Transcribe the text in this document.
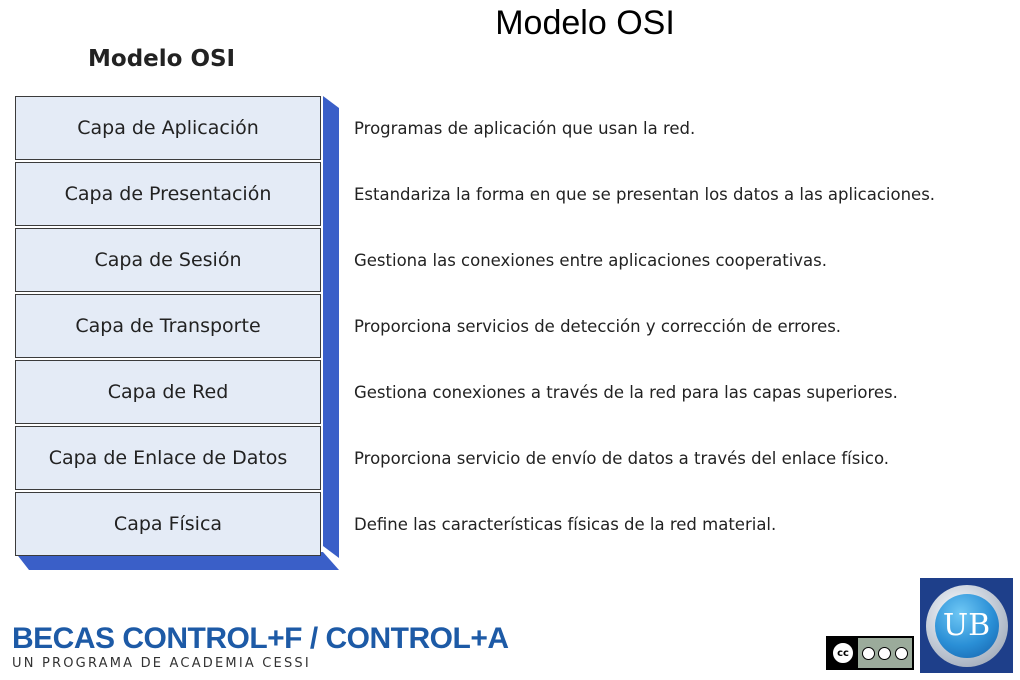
Modelo OSI
Modelo OSI
Capa de Aplicación
Capa de Presentación
Capa de Sesión
Capa de Transporte
Capa de Red
Capa de Enlace de Datos
Capa Física
Programas de aplicación que usan la red.
Estandariza la forma en que se presentan los datos a las aplicaciones.
Gestiona las conexiones entre aplicaciones cooperativas.
Proporciona servicios de detección y corrección de errores.
Gestiona conexiones a través de la red para las capas superiores.
Proporciona servicio de envío de datos a través del enlace físico.
Define las características físicas de la red material.
BECAS CONTROL+F / CONTROL+A
UN PROGRAMA DE ACADEMIA CESSI
cc
UB
